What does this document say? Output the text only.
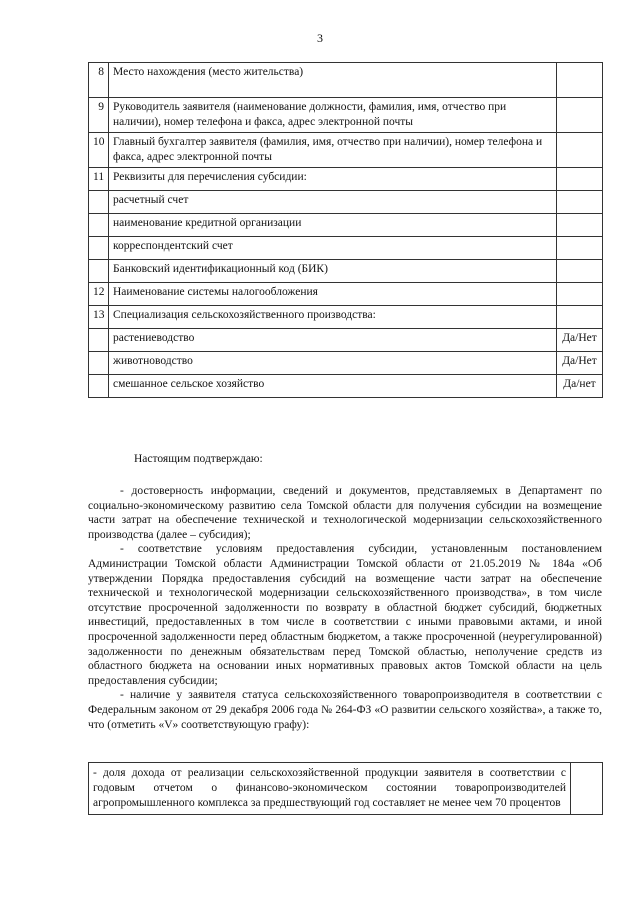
3
8	Место нахождения (место жительства)	
9	Руководитель заявителя (наименование должности, фамилия, имя, отчество при наличии), номер телефона и факса, адрес электронной почты	
10	Главный бухгалтер заявителя (фамилия, имя, отчество при наличии), номер телефона и факса, адрес электронной почты	
11	Реквизиты для перечисления субсидии:	
	расчетный счет	
	наименование кредитной организации	
	корреспондентский счет	
	Банковский идентификационный код (БИК)	
12	Наименование системы налогообложения	
13	Специализация сельскохозяйственного производства:	
	растениеводство	Да/Нет
	животноводство	Да/Нет
	смешанное сельское хозяйство	Да/нет

Настоящим подтверждаю:

- достоверность информации, сведений и документов, представляемых в Департамент по социально-экономическому развитию села Томской области для получения субсидии на возмещение части затрат на обеспечение технической и технологической модернизации сельскохозяйственного производства (далее – субсидия);

- соответствие условиям предоставления субсидии, установленным постановлением Администрации Томской области Администрации Томской области от 21.05.2019 № 184а «Об утверждении Порядка предоставления субсидий на возмещение части затрат на обеспечение технической и технологической модернизации сельскохозяйственного производства», в том числе отсутствие просроченной задолженности по возврату в областной бюджет субсидий, бюджетных инвестиций, предоставленных в том числе в соответствии с иными правовыми актами, и иной просроченной задолженности перед областным бюджетом, а также просроченной (неурегулированной) задолженности по денежным обязательствам перед Томской областью, неполучение средств из областного бюджета на основании иных нормативных правовых актов Томской области на цель предоставления субсидии;

- наличие у заявителя статуса сельскохозяйственного товаропроизводителя в соответствии с Федеральным законом от 29 декабря 2006 года № 264-ФЗ «О развитии сельского хозяйства», а также то, что (отметить «V» соответствующую графу):

- доля дохода от реализации сельскохозяйственной продукции заявителя в соответствии с годовым отчетом о финансово-экономическом состоянии товаропроизводителей агропромышленного комплекса за предшествующий год составляет не менее чем 70 процентов	
